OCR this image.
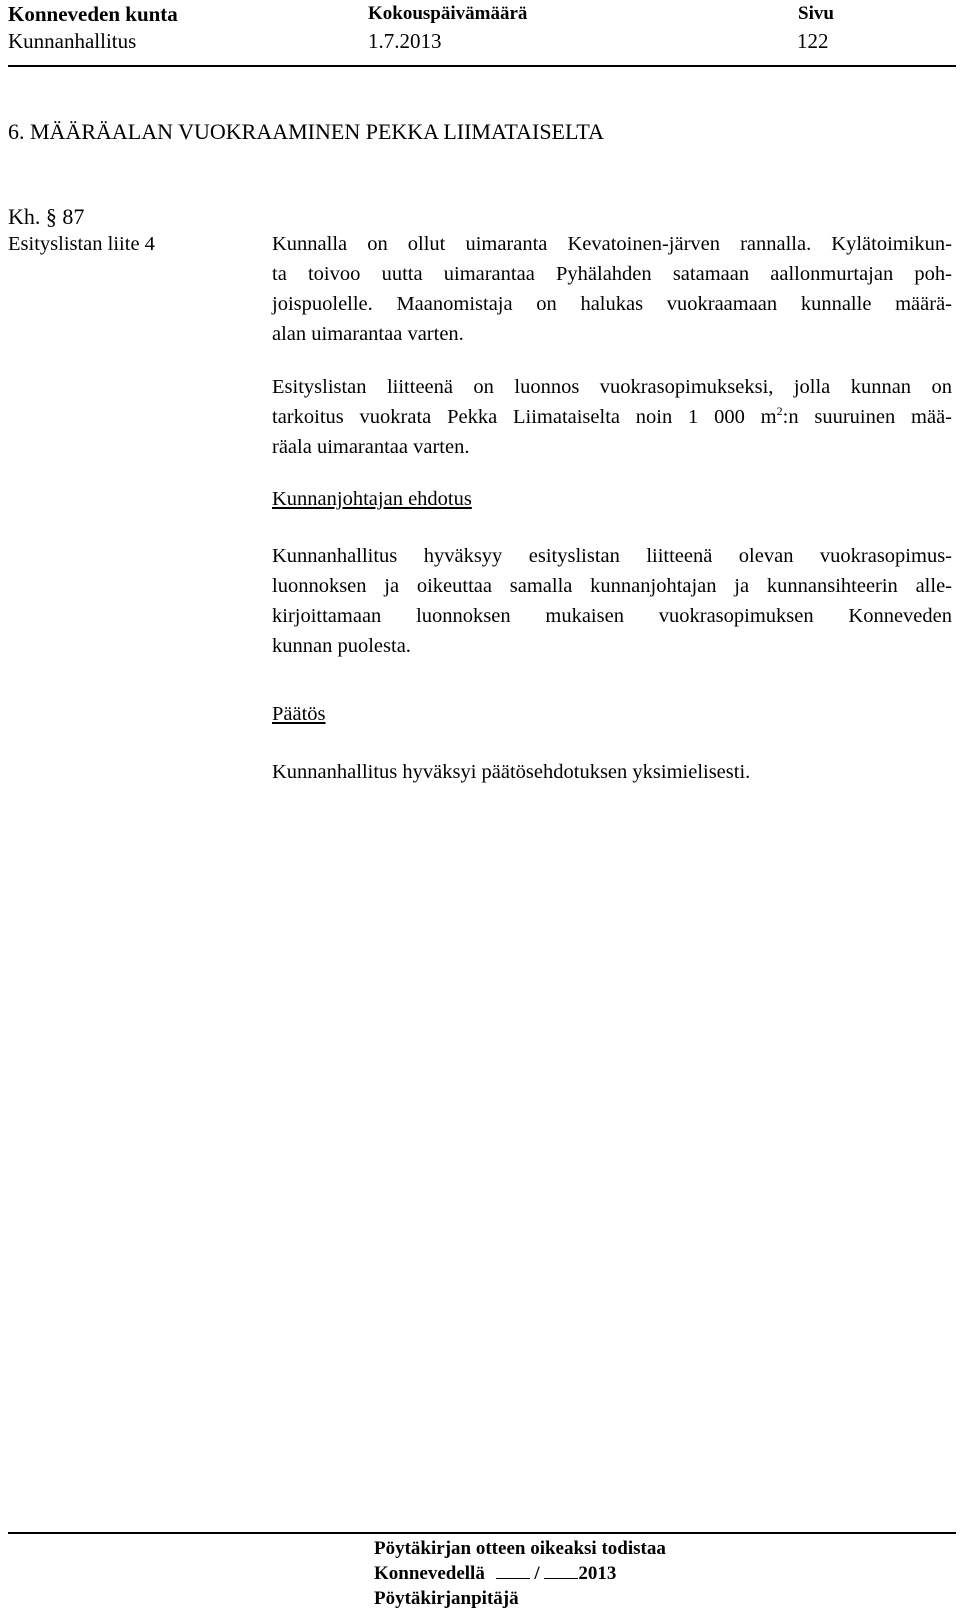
Konneveden kunta
Kunnanhallitus
Kokouspäivämäärä
1.7.2013
Sivu
122
6. MÄÄRÄALAN VUOKRAAMINEN PEKKA LIIMATAISELTA
Kh. § 87
Esityslistan liite 4	Kunnalla on ollut uimaranta Kevatoinen-järven rannalla. Kylätoimikun-
ta toivoo uutta uimarantaa Pyhälahden satamaan aallonmurtajan poh-
joispuolelle. Maanomistaja on halukas vuokraamaan kunnalle määrä-
alan uimarantaa varten.
Esityslistan liitteenä on luonnos vuokrasopimukseksi, jolla kunnan on
tarkoitus vuokrata Pekka Liimataiselta noin 1 000 $m^2:n$ suuruinen mää-
räala uimarantaa varten.
Kunnanjohtajan ehdotus
Kunnanhallitus hyväksyy esityslistan liitteenä olevan vuokrasopimus-
luonnoksen ja oikeuttaa samalla kunnanjohtajan ja kunnansihteerin alle-
kirjoittamaan luonnoksen mukaisen vuokrasopimuksen Konneveden
kunnan puolesta.
Päätös
Kunnanhallitus hyväksyi päätösehdotuksen yksimielisesti.
Pöytäkirjan otteen oikeaksi todistaa
Konnevedellä	/ 2013
Pöytäkirjanpitäjä
